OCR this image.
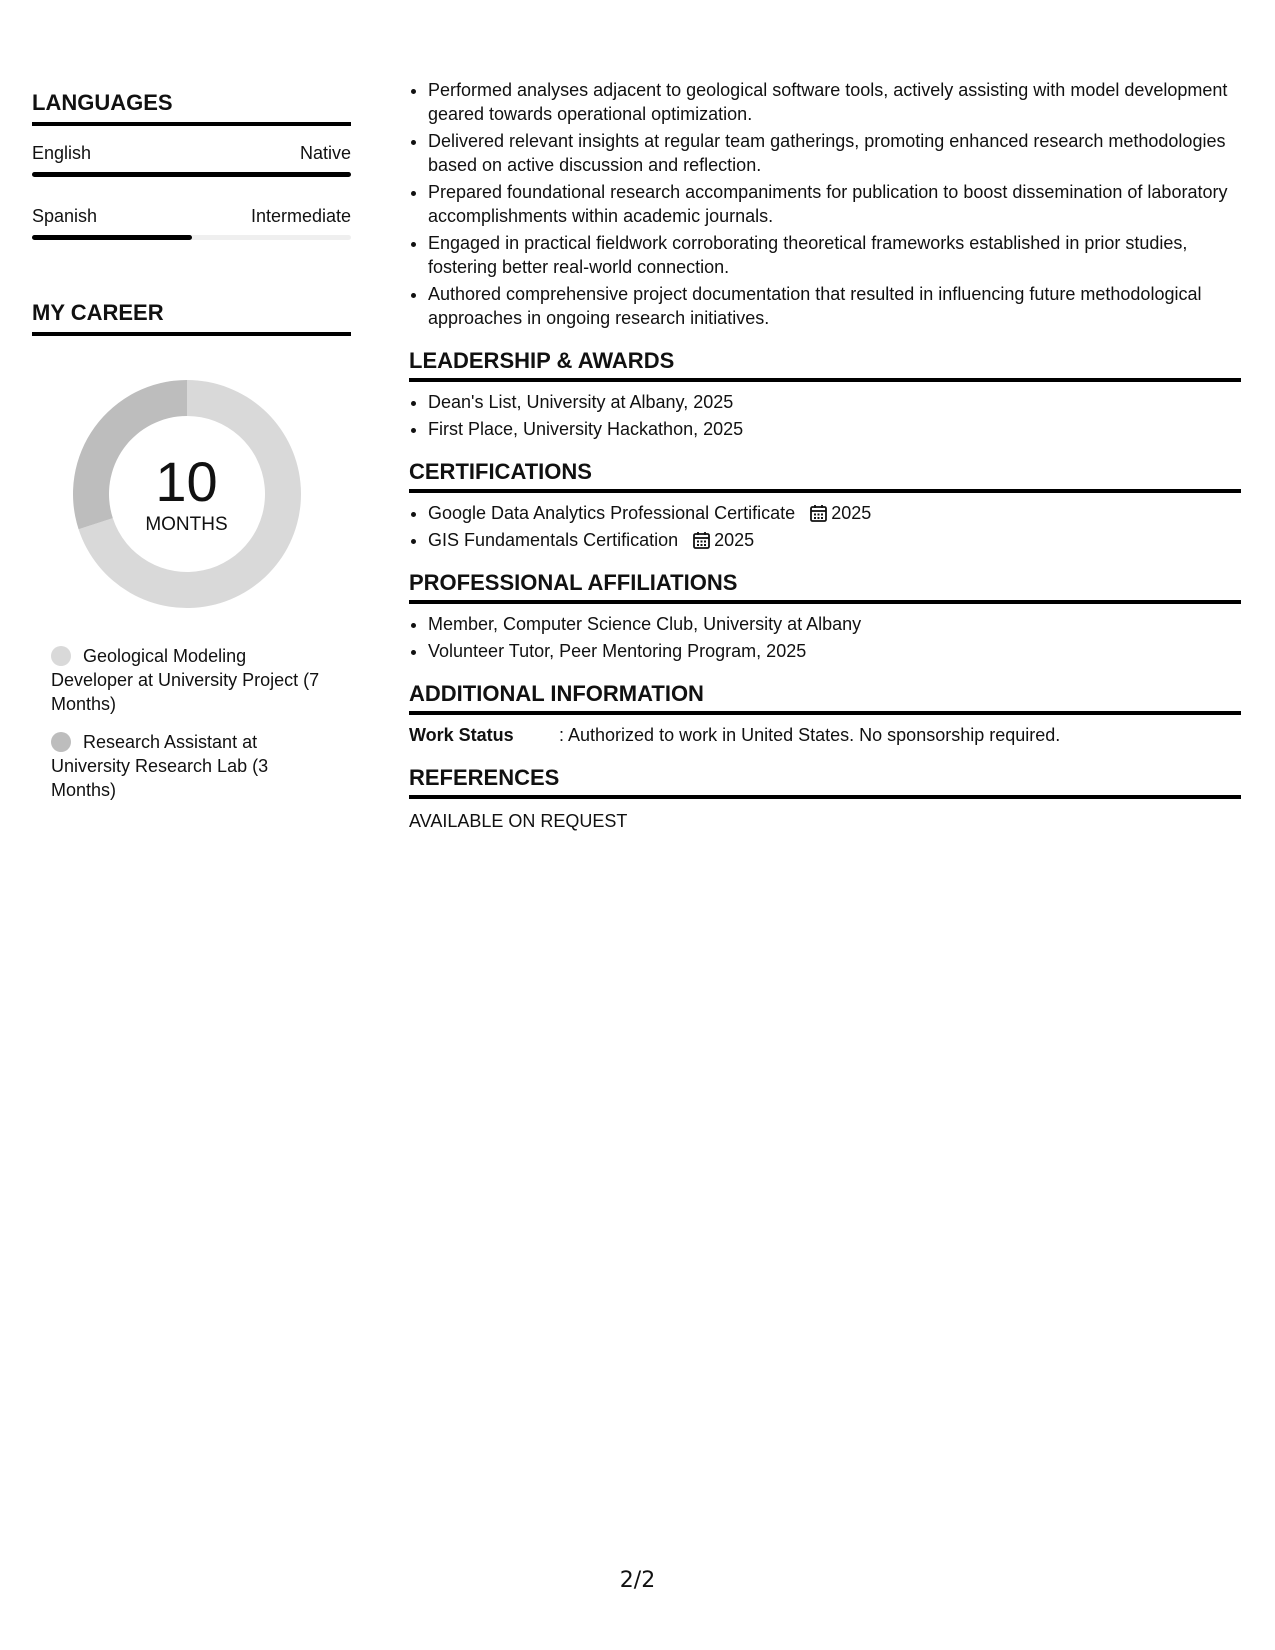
LANGUAGES
English	Native
Spanish	Intermediate
MY CAREER
10
MONTHS
Geological Modeling Developer at University Project (7 Months)
Research Assistant at University Research Lab (3 Months)
• Performed analyses adjacent to geological software tools, actively assisting with model development geared towards operational optimization.
• Delivered relevant insights at regular team gatherings, promoting enhanced research methodologies based on active discussion and reflection.
• Prepared foundational research accompaniments for publication to boost dissemination of laboratory accomplishments within academic journals.
• Engaged in practical fieldwork corroborating theoretical frameworks established in prior studies, fostering better real-world connection.
• Authored comprehensive project documentation that resulted in influencing future methodological approaches in ongoing research initiatives.
LEADERSHIP & AWARDS
• Dean's List, University at Albany, 2025
• First Place, University Hackathon, 2025
CERTIFICATIONS
• Google Data Analytics Professional Certificate 2025
• GIS Fundamentals Certification 2025
PROFESSIONAL AFFILIATIONS
• Member, Computer Science Club, University at Albany
• Volunteer Tutor, Peer Mentoring Program, 2025
ADDITIONAL INFORMATION
Work Status	: Authorized to work in United States. No sponsorship required.
REFERENCES
AVAILABLE ON REQUEST
2/2
